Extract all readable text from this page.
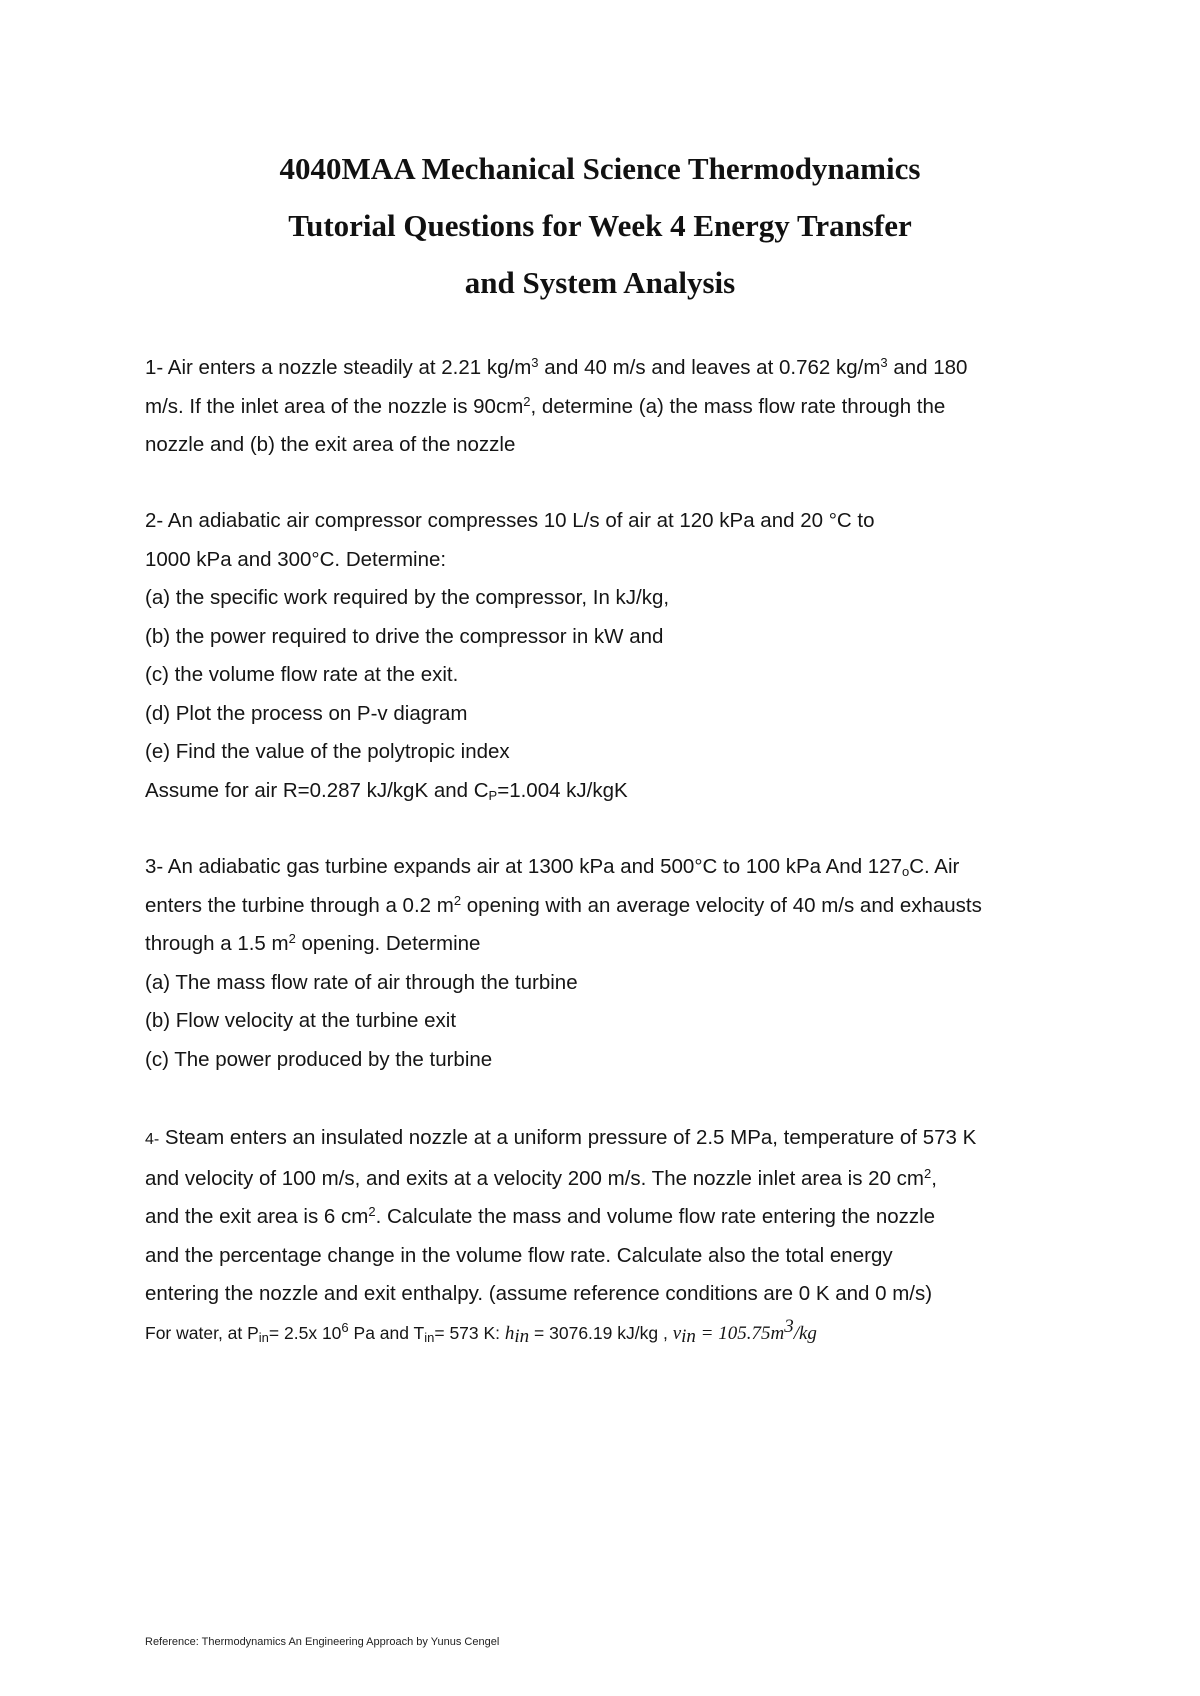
4040MAA Mechanical Science Thermodynamics
Tutorial Questions for Week 4 Energy Transfer
and System Analysis
1- Air enters a nozzle steadily at 2.21 $kg/m^3$ and 40 m/s and leaves at 0.762 $kg/m^3$ and 180
m/s. If the inlet area of the nozzle is $90cm^2$, determine (a) the mass flow rate through the
nozzle and (b) the exit area of the nozzle
2- An adiabatic air compressor compresses 10 L/s of air at 120 kPa and 20 °C to
1000 kPa and 300°C. Determine:
(a) the specific work required by the compressor, In kJ/kg,
(b) the power required to drive the compressor in kW and
(c) the volume flow rate at the exit.
(d) Plot the process on P-v diagram
(e) Find the value of the polytropic index
Assume for air R=0.287 kJ/kgK and $C_P=1.004$ kJ/kgK
3- An adiabatic gas turbine expands air at 1300 kPa and 500°C to 100 kPa And $127_oC$. Air
enters the turbine through a 0.2 $m^2$ opening with an average velocity of 40 m/s and exhausts
through a 1.5 $m^2$ opening. Determine
(a) The mass flow rate of air through the turbine
(b) Flow velocity at the turbine exit
(c) The power produced by the turbine
4- Steam enters an insulated nozzle at a uniform pressure of 2.5 MPa, temperature of 573 K
and velocity of 100 m/s, and exits at a velocity 200 m/s. The nozzle inlet area is 20 $cm^2$,
and the exit area is 6 $cm^2$. Calculate the mass and volume flow rate entering the nozzle
and the percentage change in the volume flow rate. Calculate also the total energy
entering the nozzle and exit enthalpy. (assume reference conditions are 0 K and 0 m/s)
For water, at $P_{in}= 2.5x$ $10^6$ Pa and $T_{in}= 573$ K: $h_{in} = 3076.19$ kJ/kg , $v_{in} = 105.75m^3/kg$
Reference: Thermodynamics An Engineering Approach by Yunus Cengel
